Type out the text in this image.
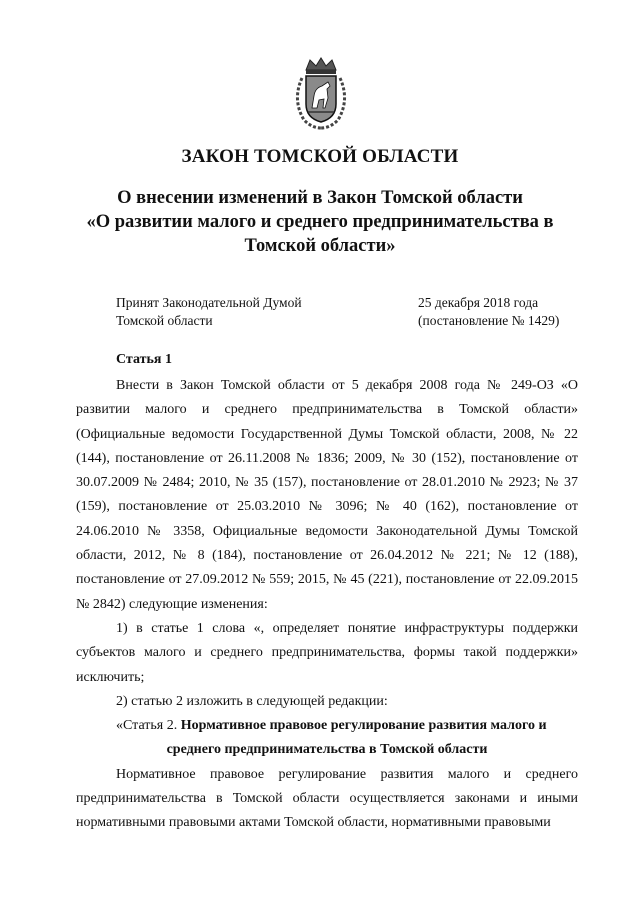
ЗАКОН ТОМСКОЙ ОБЛАСТИ
О внесении изменений в Закон Томской области
«О развитии малого и среднего предпринимательства в
Томской области»
Принят Законодательной Думой
Томской области
25 декабря 2018 года
(постановление № 1429)
Статья 1

Внести в Закон Томской области от 5 декабря 2008 года № 249-ОЗ «О развитии малого и среднего предпринимательства в Томской области» (Официальные ведомости Государственной Думы Томской области, 2008, № 22 (144), постановление от 26.11.2008 № 1836; 2009, № 30 (152), постановление от 30.07.2009 № 2484; 2010, № 35 (157), постановление от 28.01.2010 № 2923; № 37 (159), постановление от 25.03.2010 № 3096; № 40 (162), постановление от 24.06.2010 № 3358, Официальные ведомости Законодательной Думы Томской области, 2012, № 8 (184), постановление от 26.04.2012 № 221; № 12 (188), постановление от 27.09.2012 № 559; 2015, № 45 (221), постановление от 22.09.2015 № 2842) следующие изменения:

1) в статье 1 слова «, определяет понятие инфраструктуры поддержки субъектов малого и среднего предпринимательства, формы такой поддержки» исключить;

2) статью 2 изложить в следующей редакции:

«Статья 2. Нормативное правовое регулирование развития малого и

среднего предпринимательства в Томской области

Нормативное правовое регулирование развития малого и среднего предпринимательства в Томской области осуществляется законами и иными нормативными правовыми актами Томской области, нормативными правовыми
